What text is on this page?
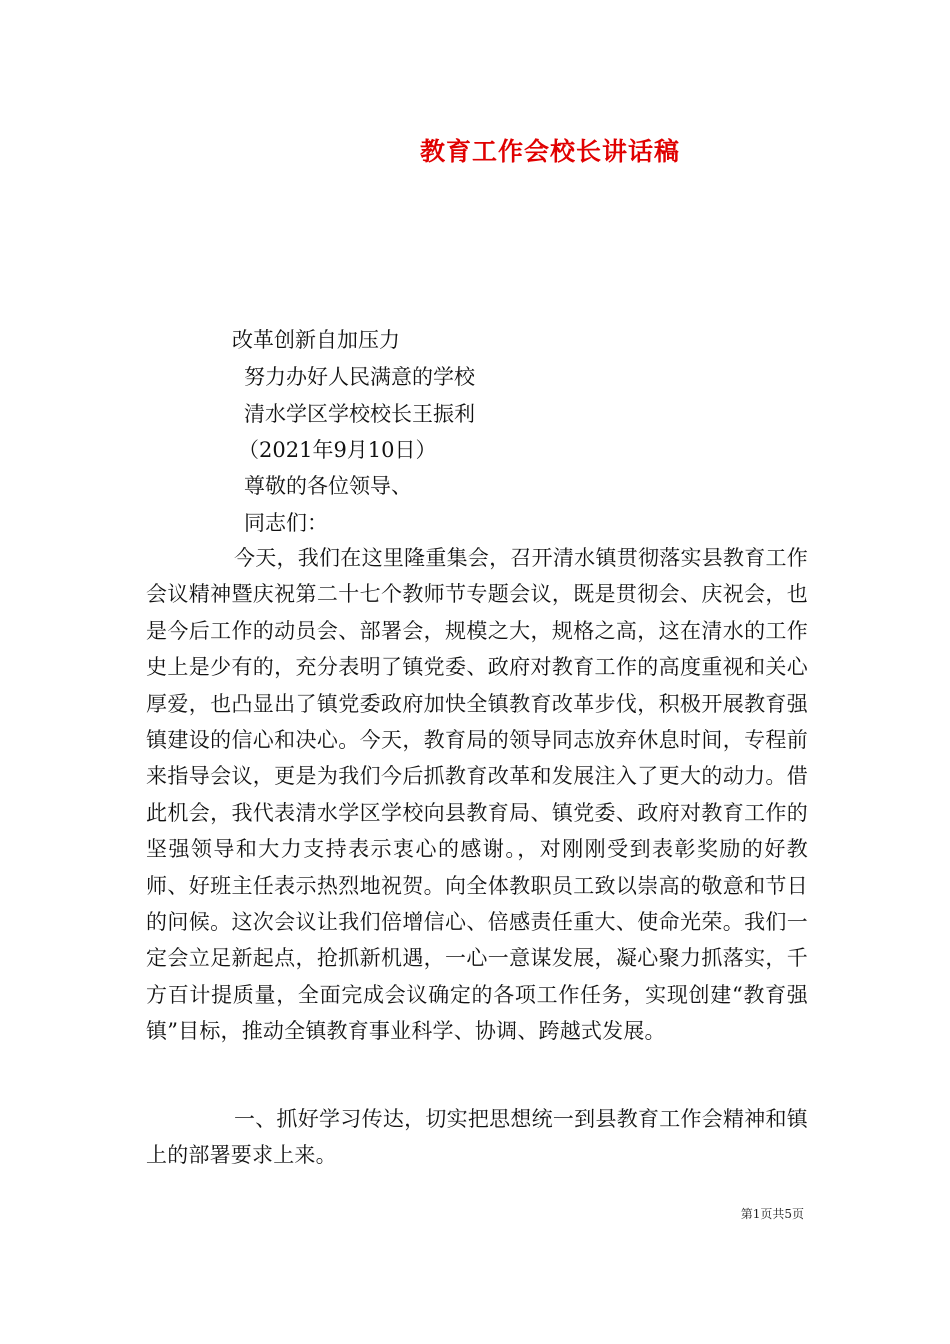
教育工作会校长讲话稿
改革创新自加压力
努力办好人民满意的学校
清水学区学校校长王振利
（2021年9月10日）
尊敬的各位领导、
同志们：
今天，我们在这里隆重集会，召开清水镇贯彻落实县教育工作会议精神暨庆祝第二十七个教师节专题会议，既是贯彻会、庆祝会，也是今后工作的动员会、部署会，规模之大，规格之高，这在清水的工作史上是少有的，充分表明了镇党委、政府对教育工作的高度重视和关心厚爱，也凸显出了镇党委政府加快全镇教育改革步伐，积极开展教育强镇建设的信心和决心。今天，教育局的领导同志放弃休息时间，专程前来指导会议，更是为我们今后抓教育改革和发展注入了更大的动力。借此机会，我代表清水学区学校向县教育局、镇党委、政府对教育工作的坚强领导和大力支持表示衷心的感谢。，对刚刚受到表彰奖励的好教师、好班主任表示热烈地祝贺。向全体教职员工致以崇高的敬意和节日的问候。这次会议让我们倍增信心、倍感责任重大、使命光荣。我们一定会立足新起点，抢抓新机遇，一心一意谋发展，凝心聚力抓落实，千方百计提质量，全面完成会议确定的各项工作任务，实现创建“教育强镇”目标，推动全镇教育事业科学、协调、跨越式发展。
一、抓好学习传达，切实把思想统一到县教育工作会精神和镇上的部署要求上来。
第1页共5页
